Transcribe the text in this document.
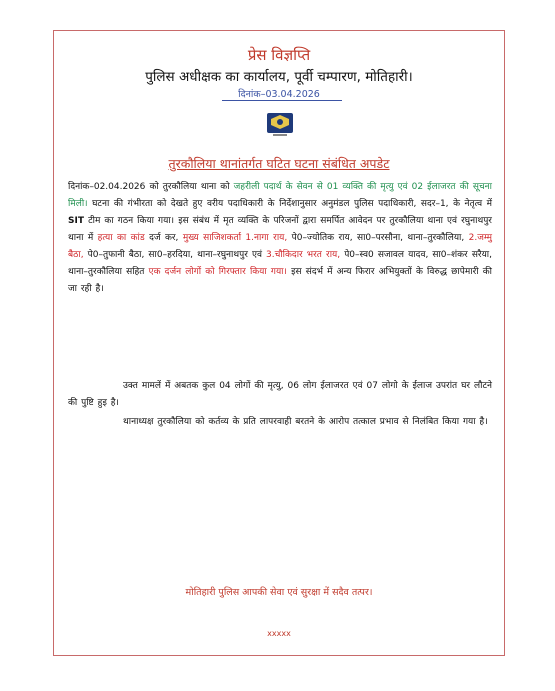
प्रेस विज्ञप्ति
पुलिस अधीक्षक का कार्यालय, पूर्वी चम्पारण, मोतिहारी।
दिनांक–03.04.2026
तुरकौलिया थानांतर्गत घटित घटना संबंधित अपडेट
दिनांक–02.04.2026 को तुरकौलिया थाना को जहरीली पदार्थ के सेवन से 01 व्यक्ति की मृत्यु एवं 02 ईलाजरत की सूचना मिली। घटना की गंभीरता को देखते हुए वरीय पदाधिकारी के निर्देशानुसार अनुमंडल पुलिस पदाधिकारी, सदर–1, के नेतृत्व में SIT टीम का गठन किया गया। इस संबंध में मृत व्यक्ति के परिजनों द्वारा समर्पित आवेदन पर तुरकौलिया थाना एवं रघुनाथपुर थाना में हत्या का कांड दर्ज कर, मुख्य साजिशकर्ता 1.नागा राय, पे0–ज्योतिक राय, सा0–परसौना, थाना–तुरकौलिया, 2.जम्मु बैठा, पे0–तुफानी बैठा, सा0–हरदिया, थाना–रघुनाथपुर एवं 3.चौकिदार भरत राय, पे0–स्व0 सजावल यादव, सा0–शंकर सरैया, थाना–तुरकौलिया सहित एक दर्जन लोगों को गिरफ्तार किया गया। इस संदर्भ में अन्य फिरार अभियुक्तों के विरुद्ध छापेमारी की जा रही है।
उक्त मामलें में अबतक कुल 04 लोगों की मृत्यु, 06 लोग ईलाजरत एवं 07 लोगो के ईलाज उपरांत घर लौटने की पुष्टि हुइ है।
थानाध्यक्ष तुरकौलिया को कर्तव्य के प्रति लापरवाही बरतने के आरोप तत्काल प्रभाव से निलंबित किया गया है।
मोतिहारी पुलिस आपकी सेवा एवं सुरक्षा में सदैव तत्पर।
xxxxx
